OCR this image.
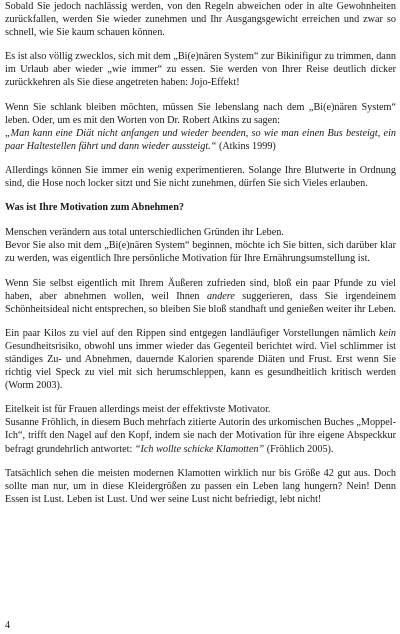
Sobald Sie jedoch nachlässig werden, von den Regeln abweichen oder in alte Gewohnheiten zurückfallen, werden Sie wieder zunehmen und Ihr Ausgangsgewicht erreichen und zwar so schnell, wie Sie kaum schauen können.

Es ist also völlig zwecklos, sich mit dem „Bi(e)nären System“ zur Bikinifigur zu trimmen, dann im Urlaub aber wieder „wie immer“ zu essen. Sie werden von Ihrer Reise deutlich dicker zurückkehren als Sie diese angetreten haben: Jojo-Effekt!

Wenn Sie schlank bleiben möchten, müssen Sie lebenslang nach dem „Bi(e)nären System“ leben. Oder, um es mit den Worten von Dr. Robert Atkins zu sagen:
„Man kann eine Diät nicht anfangen und wieder beenden, so wie man einen Bus besteigt, ein paar Haltestellen fährt und dann wieder aussteigt.“ (Atkins 1999)

Allerdings können Sie immer ein wenig experimentieren. Solange Ihre Blutwerte in Ordnung sind, die Hose noch locker sitzt und Sie nicht zunehmen, dürfen Sie sich Vieles erlauben.

Was ist Ihre Motivation zum Abnehmen?

Menschen verändern aus total unterschiedlichen Gründen ihr Leben.
Bevor Sie also mit dem „Bi(e)nären System“ beginnen, möchte ich Sie bitten, sich darüber klar zu werden, was eigentlich Ihre persönliche Motivation für Ihre Ernährungsumstellung ist.

Wenn Sie selbst eigentlich mit Ihrem Äußeren zufrieden sind, bloß ein paar Pfunde zu viel haben, aber abnehmen wollen, weil Ihnen andere suggerieren, dass Sie irgendeinem Schönheitsideal nicht entsprechen, so bleiben Sie bloß standhaft und genießen weiter ihr Leben.

Ein paar Kilos zu viel auf den Rippen sind entgegen landläufiger Vorstellungen nämlich kein Gesundheitsrisiko, obwohl uns immer wieder das Gegenteil berichtet wird. Viel schlimmer ist ständiges Zu- und Abnehmen, dauernde Kalorien sparende Diäten und Frust. Erst wenn Sie richtig viel Speck zu viel mit sich herumschleppen, kann es gesundheitlich kritisch werden (Worm 2003).

Eitelkeit ist für Frauen allerdings meist der effektivste Motivator.
Susanne Fröhlich, in diesem Buch mehrfach zitierte Autorin des urkomischen Buches „Moppel-Ich“, trifft den Nagel auf den Kopf, indem sie nach der Motivation für ihre eigene Abspeckkur befragt grundehrlich antwortet: “Ich wollte schicke Klamotten” (Fröhlich 2005).

Tatsächlich sehen die meisten modernen Klamotten wirklich nur bis Größe 42 gut aus. Doch sollte man nur, um in diese Kleidergrößen zu passen ein Leben lang hungern? Nein! Denn Essen ist Lust. Leben ist Lust. Und wer seine Lust nicht befriedigt, lebt nicht!

4
